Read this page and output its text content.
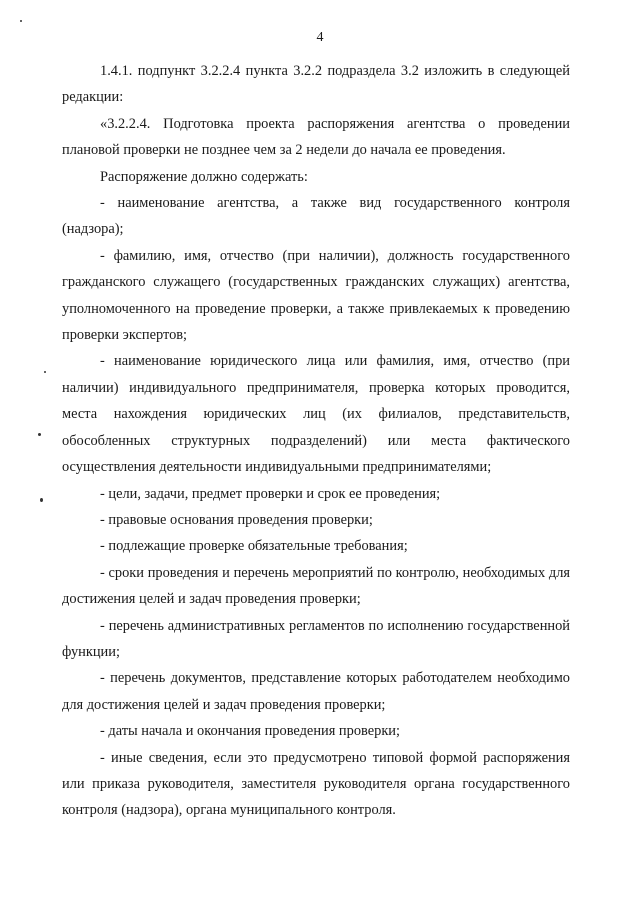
4

1.4.1. подпункт 3.2.2.4 пункта 3.2.2 подраздела 3.2 изложить в следующей редакции:

«3.2.2.4. Подготовка проекта распоряжения агентства о проведении плановой проверки не позднее чем за 2 недели до начала ее проведения.

Распоряжение должно содержать:

- наименование агентства, а также вид государственного контроля (надзора);

- фамилию, имя, отчество (при наличии), должность государственного гражданского служащего (государственных гражданских служащих) агентства, уполномоченного на проведение проверки, а также привлекаемых к проведению проверки экспертов;

- наименование юридического лица или фамилия, имя, отчество (при наличии) индивидуального предпринимателя, проверка которых проводится, места нахождения юридических лиц (их филиалов, представительств, обособленных структурных подразделений) или места фактического осуществления деятельности индивидуальными предпринимателями;

- цели, задачи, предмет проверки и срок ее проведения;

- правовые основания проведения проверки;

- подлежащие проверке обязательные требования;

- сроки проведения и перечень мероприятий по контролю, необходимых для достижения целей и задач проведения проверки;

- перечень административных регламентов по исполнению государственной функции;

- перечень документов, представление которых работодателем необходимо для достижения целей и задач проведения проверки;

- даты начала и окончания проведения проверки;

- иные сведения, если это предусмотрено типовой формой распоряжения или приказа руководителя, заместителя руководителя органа государственного контроля (надзора), органа муниципального контроля.
